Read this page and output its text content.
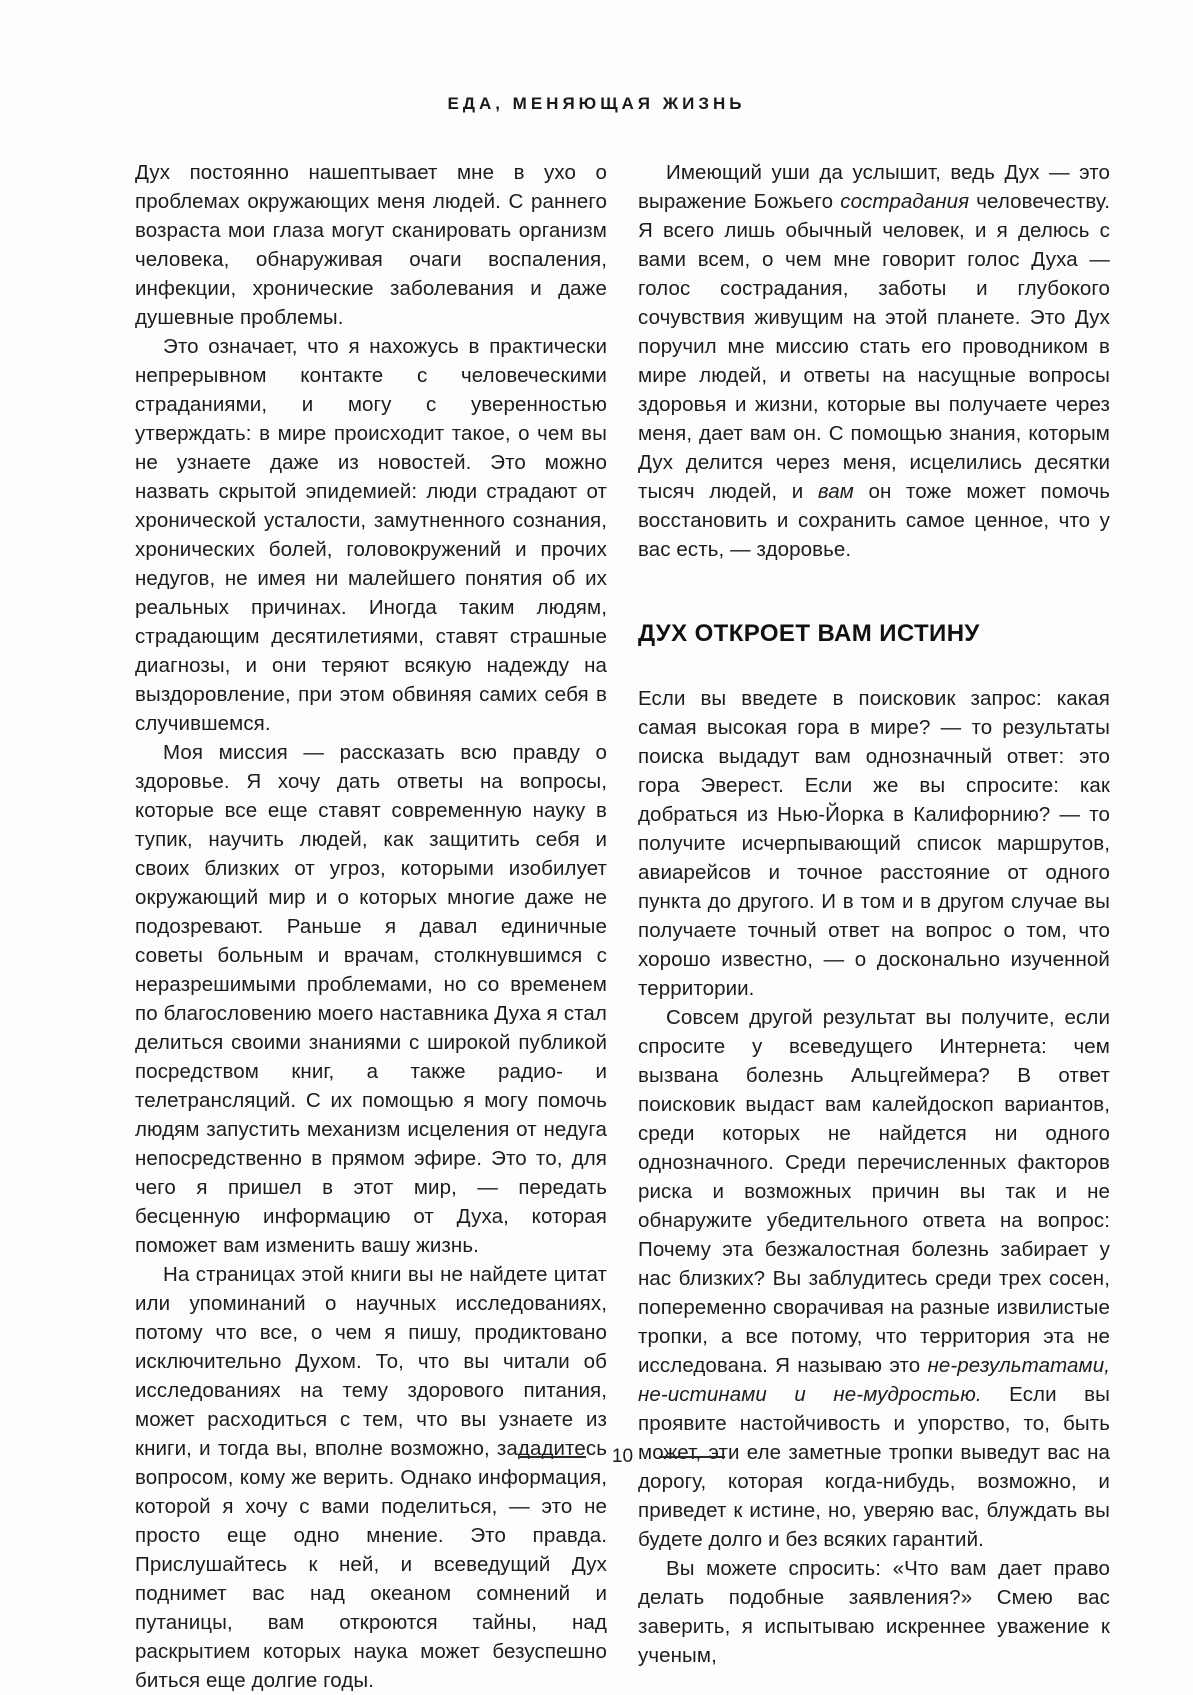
ЕДА, МЕНЯЮЩАЯ ЖИЗНЬ

Дух постоянно нашептывает мне в ухо о проблемах окружающих меня людей. С раннего возраста мои глаза могут сканировать организм человека, обнаруживая очаги воспаления, инфекции, хронические заболевания и даже душевные проблемы.

Это означает, что я нахожусь в практически непрерывном контакте с человеческими страданиями, и могу с уверенностью утверждать: в мире происходит такое, о чем вы не узнаете даже из новостей. Это можно назвать скрытой эпидемией: люди страдают от хронической усталости, замутненного сознания, хронических болей, головокружений и прочих недугов, не имея ни малейшего понятия об их реальных причинах. Иногда таким людям, страдающим десятилетиями, ставят страшные диагнозы, и они теряют всякую надежду на выздоровление, при этом обвиняя самих себя в случившемся.

Моя миссия — рассказать всю правду о здоровье. Я хочу дать ответы на вопросы, которые все еще ставят современную науку в тупик, научить людей, как защитить себя и своих близких от угроз, которыми изобилует окружающий мир и о которых многие даже не подозревают. Раньше я давал единичные советы больным и врачам, столкнувшимся с неразрешимыми проблемами, но со временем по благословению моего наставника Духа я стал делиться своими знаниями с широкой публикой посредством книг, а также радио- и телетрансляций. С их помощью я могу помочь людям запустить механизм исцеления от недуга непосредственно в прямом эфире. Это то, для чего я пришел в этот мир, — передать бесценную информацию от Духа, которая поможет вам изменить вашу жизнь.

На страницах этой книги вы не найдете цитат или упоминаний о научных исследованиях, потому что все, о чем я пишу, продиктовано исключительно Духом. То, что вы читали об исследованиях на тему здорового питания, может расходиться с тем, что вы узнаете из книги, и тогда вы, вполне возможно, зададитесь вопросом, кому же верить. Однако информация, которой я хочу с вами поделиться, — это не просто еще одно мнение. Это правда. Прислушайтесь к ней, и всеведущий Дух поднимет вас над океаном сомнений и путаницы, вам откроются тайны, над раскрытием которых наука может безуспешно биться еще долгие годы.

Имеющий уши да услышит, ведь Дух — это выражение Божьего сострадания человечеству. Я всего лишь обычный человек, и я делюсь с вами всем, о чем мне говорит голос Духа — голос сострадания, заботы и глубокого сочувствия живущим на этой планете. Это Дух поручил мне миссию стать его проводником в мире людей, и ответы на насущные вопросы здоровья и жизни, которые вы получаете через меня, дает вам он. С помощью знания, которым Дух делится через меня, исцелились десятки тысяч людей, и вам он тоже может помочь восстановить и сохранить самое ценное, что у вас есть, — здоровье.

ДУХ ОТКРОЕТ ВАМ ИСТИНУ

Если вы введете в поисковик запрос: какая самая высокая гора в мире? — то результаты поиска выдадут вам однозначный ответ: это гора Эверест. Если же вы спросите: как добраться из Нью-Йорка в Калифорнию? — то получите исчерпывающий список маршрутов, авиарейсов и точное расстояние от одного пункта до другого. И в том и в другом случае вы получаете точный ответ на вопрос о том, что хорошо известно, — о досконально изученной территории.

Совсем другой результат вы получите, если спросите у всеведущего Интернета: чем вызвана болезнь Альцгеймера? В ответ поисковик выдаст вам калейдоскоп вариантов, среди которых не найдется ни одного однозначного. Среди перечисленных факторов риска и возможных причин вы так и не обнаружите убедительного ответа на вопрос: Почему эта безжалостная болезнь забирает у нас близких? Вы заблудитесь среди трех сосен, попеременно сворачивая на разные извилистые тропки, а все потому, что территория эта не исследована. Я называю это не-результатами, не-истинами и не-мудростью. Если вы проявите настойчивость и упорство, то, быть может, эти еле заметные тропки выведут вас на дорогу, которая когда-нибудь, возможно, и приведет к истине, но, уверяю вас, блуждать вы будете долго и без всяких гарантий.

Вы можете спросить: «Что вам дает право делать подобные заявления?» Смею вас заверить, я испытываю искреннее уважение к ученым,

10
